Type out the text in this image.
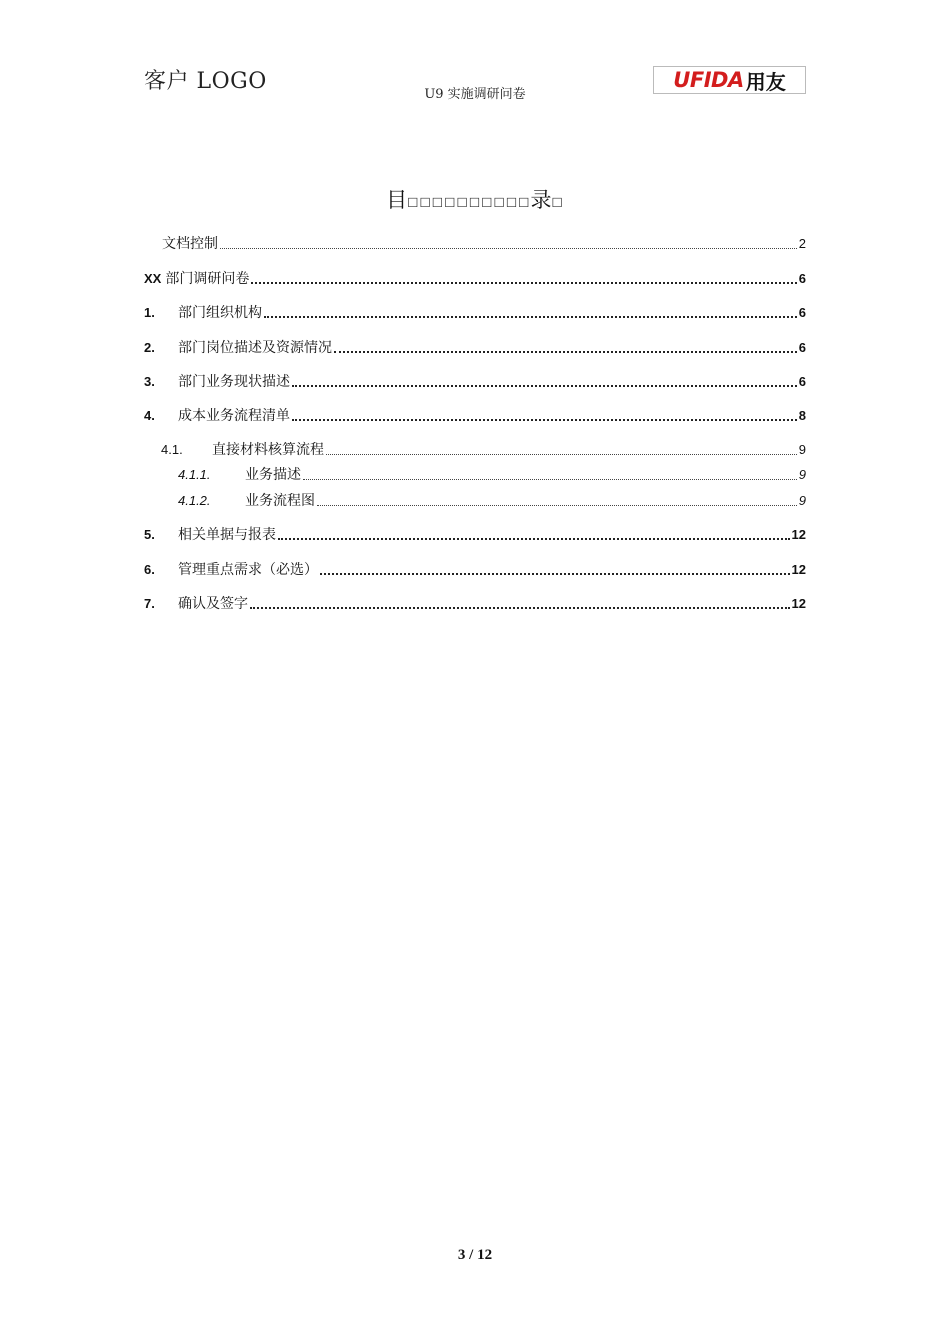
客户 LOGO
U9 实施调研问卷
UFIDA 用友
目□□□□□□□□□□录□
文档控制	2
XX 部门调研问卷	6
1.	部门组织机构	6
2.	部门岗位描述及资源情况	6
3.	部门业务现状描述	6
4.	成本业务流程清单	8
4.1.	直接材料核算流程	9
4.1.1.	业务描述	9
4.1.2.	业务流程图	9
5.	相关单据与报表	12
6.	管理重点需求（必选）	12
7.	确认及签字	12
3 / 12
